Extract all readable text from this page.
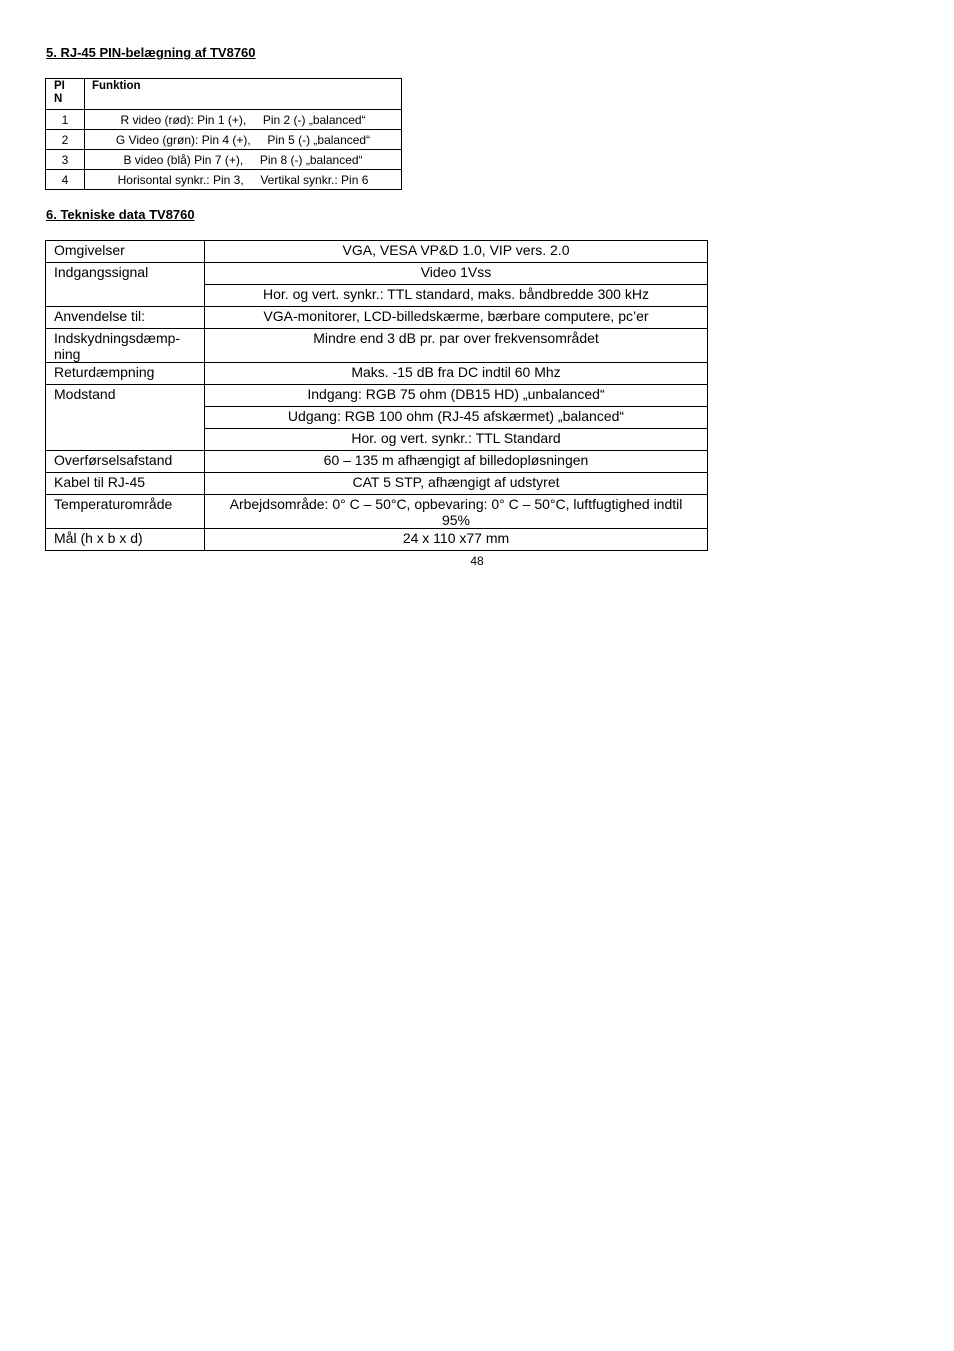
5. RJ-45 PIN-belægning af TV8760
PI
N	Funktion
1	R video (rød): Pin 1 (+),     Pin 2 (-) „balanced“
2	G Video (grøn): Pin 4 (+),     Pin 5 (-) „balanced“
3	B video (blå) Pin 7 (+),     Pin 8 (-) „balanced“
4	Horisontal synkr.: Pin 3,     Vertikal synkr.: Pin 6
6. Tekniske data TV8760
Omgivelser	VGA, VESA VP&D 1.0, VIP vers. 2.0
Indgangssignal	Video 1Vss
	Hor. og vert. synkr.: TTL standard, maks. båndbredde 300 kHz
Anvendelse til:	VGA-monitorer, LCD-billedskærme, bærbare computere, pc’er
Indskydningsdæmp-
ning	Mindre end 3 dB pr. par over frekvensområdet
Returdæmpning	Maks. -15 dB fra DC indtil 60 Mhz
Modstand	Indgang: RGB 75 ohm (DB15 HD) „unbalanced“
	Udgang: RGB 100 ohm (RJ-45 afskærmet) „balanced“
	Hor. og vert. synkr.: TTL Standard
Overførselsafstand	60 – 135 m afhængigt af billedopløsningen
Kabel til RJ-45	CAT 5 STP, afhængigt af udstyret
Temperaturområde	Arbejdsområde: 0° C – 50°C, opbevaring: 0° C – 50°C, luftfugtighed indtil 95%
Mål (h x b x d)	24 x 110 x77 mm
48
